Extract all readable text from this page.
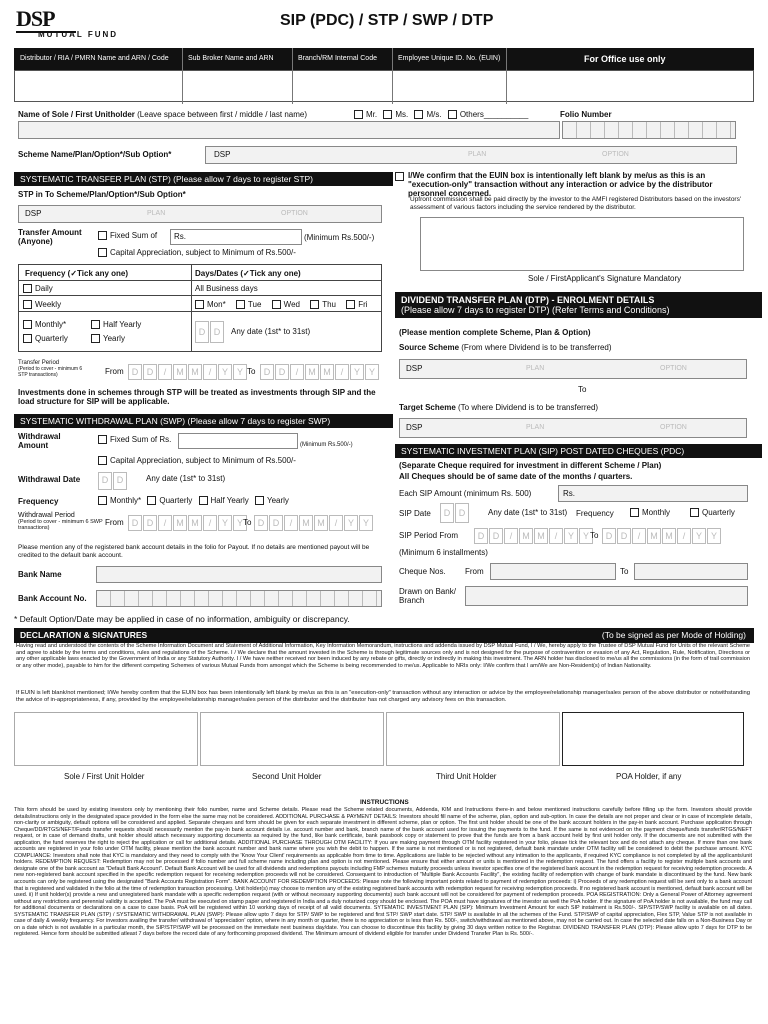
DSP
MUTUAL FUND
SIP (PDC) / STP / SWP / DTP
Distributor / RIA / PMRN Name and ARN / Code	Sub Broker Name and ARN	Branch/RM Internal Code	Employee Unique ID. No. (EUIN)	For Office use only
Name of Sole / First Unitholder (Leave space between first / middle / last name)	Mr. Ms. M/s. Others__________	Folio Number
Scheme Name/Plan/Option*/Sub Option*	DSP	PLAN	OPTION
SYSTEMATIC TRANSFER PLAN (STP) (Please allow 7 days to register STP)
STP in To Scheme/Plan/Option*/Sub Option*
DSP	PLAN	OPTION
Transfer Amount (Anyone)
Fixed Sum of Rs.	(Minimum Rs.500/-)
Capital Appreciation, subject to Minimum of Rs.500/-
Frequency (✓Tick any one)	Days/Dates (✓Tick any one)
Daily	All Business days
Weekly	Mon*	Tue	Wed	Thu	Fri
Monthly*	Half Yearly
Quarterly	Yearly
D D	Any date (1st* to 31st)
Transfer Period
(Period to cover - minimum 6 STP transactions)	From D D / M M / Y Y To D D / M M / Y Y
Investments done in schemes through STP will be treated as investments through SIP and the load structure for SIP will be applicable.
SYSTEMATIC WITHDRAWAL PLAN (SWP) (Please allow 7 days to register SWP)
Withdrawal Amount
Fixed Sum of Rs.
(Minimum Rs.500/-)
Capital Appreciation, subject to Minimum of Rs.500/-
Withdrawal Date	D D	Any date (1st* to 31st)
Frequency	Monthly* Quarterly Half Yearly Yearly
Withdrawal Period
(Period to cover - minimum 6 SWP transactions)
From D D / M M / Y Y To D D / M M / Y Y
Please mention any of the registered bank account details in the folio for Payout. If no details are mentioned payout will be credited to the default bank account.
Bank Name
Bank Account No.
* Default Option/Date may be applied in case of no information, ambiguity or discrepancy.
I/We confirm that the EUIN box is intentionally left blank by me/us as this is an "execution-only" transaction without any interaction or advice by the distributor personnel concerned.
Upfront commission shall be paid directly by the investor to the AMFI registered Distributors based on the investors' assessment of various factors including the service rendered by the distributor.
Sole / FirstApplicant's Signature Mandatory
DIVIDEND TRANSFER PLAN (DTP) - ENROLMENT DETAILS
(Please allow 7 days to register DTP) (Refer Terms and Conditions)
(Please mention complete Scheme, Plan & Option)
Source Scheme (From where Dividend is to be transferred)
DSP	PLAN	OPTION
To
Target Scheme (To where Dividend is to be transferred)
DSP	PLAN	OPTION
SYSTEMATIC INVESTMENT PLAN (SIP) POST DATED CHEQUES (PDC)
(Separate Cheque required for investment in different Scheme / Plan)
All Cheques should be of same date of the months / quarters.
Each SIP Amount (minimum Rs. 500)	Rs.
SIP Date	D D	Any date (1st* to 31st) Frequency	Monthly	Quarterly
SIP Period From	D D / M M / Y Y To D D / M M / Y Y
(Minimum 6 installments)
Cheque Nos. From	To
Drawn on Bank/ Branch
DECLARATION & SIGNATURES	(To be signed as per Mode of Holding)
Having read and understood the contents of the Scheme Information Document and Statement of Additional Information, Key Information Memorandum, instructions and addenda issued by DSP Mutual Fund, I / We, hereby apply to the Trustee of DSP Mutual Fund for Units of the relevant Scheme and agree to abide by the terms and conditions, rules and regulations of the Scheme. I / We declare that the amount invested in the Scheme is through legitimate sources only and is not designed for the purpose of contravention or evasion of any Act, Regulation, Rule, Notification, Directions or any other applicable laws enacted by the Government of India or any Statutory Authority. I / We have neither received nor been induced by any rebate or gifts, directly or indirectly in making this investment. The ARN holder has disclosed to me/us all the commissions (in the form of trail commission or any other mode), payable to him for the different competing Schemes of various Mutual Funds from amongst which the Scheme is being recommended to me/us. Applicable to NRIs only: I/We confirm that I am/We are Non-Resident(s) of Indian Nationality.
If EUIN is left blank/not mentioned; I/We hereby confirm that the EUIN box has been intentionally left blank by me/us as this is an "execution-only" transaction without any interaction or advice by the employee/relationship manager/sales person of the above distributor or notwithstanding the advice of in-appropriateness, if any, provided by the employee/relationship manager/sales person of the distributor and the distributor has not charged any advisory fees on this transaction.
Sole / First Unit Holder	Second Unit Holder	Third Unit Holder	POA Holder, if any
INSTRUCTIONS
This form should be used by existing investors only by mentioning their folio number, name and Scheme details. Please read the Scheme related documents, Addenda, KIM and Instructions there-in and below mentioned instructions carefully before filling up the form. Investors should provide details/instructions only in the designated space provided in the form else the same may not be considered. ADDITIONAL PURCHASE & PAYMENT DETAILS: Investors should fill name of the scheme, plan, option and sub-option. In case the details are not proper and clear or in case of incomplete details, non-clarity or ambiguity, default options will be considered and applied. Separate cheques and form should be given for each separate investment in different scheme, plan or option. The first unit holder should be one of the bank account holders in the pay-in bank account. Purchase application through Cheque/DD/RTGS/NEFT/Funds transfer requests should necessarily mention the pay-in bank account details i.e. account number and bank, branch name of the bank account used for issuing the payments to the fund. If the same is not evidenced on the payment cheque/funds transfer/RTGS/NEFT request, or in case of demand drafts, unit holder should attach necessary supporting documents as required by the fund, like bank certificate, bank passbook copy or statement to prove that the funds are from a bank account held by first unit holder only. If the documents are not submitted with the application, the fund reserves the right to reject the application or call for additional details. ADDITIONAL PURCHASE THROUGH OTM FACILITY: If you are making payment through OTM facility registered in your folio, please tick the relevant box and do not attach any cheque. If more than one bank accounts are registered in your folio under OTM facility, please mention the bank account number and bank name where you wish the debit to happen. If the same is not mentioned or is not registered, default bank mandate under OTM facility will be considered to debit the purchase amount. KYC COMPLIANCE: Investors shall note that KYC is mandatory and they need to comply with the 'Know Your Client' requirements as applicable from time to time. Applications are liable to be rejected without any intimation to the applicants, if required KYC compliance is not completed by all the applicants/unit holders. REDEMPTION REQUEST: Redemption may not be processed if folio number and full scheme name including plan and option is not mentioned. Please ensure that either amount or units is mentioned in the redemption request. The fund offers a facility to register multiple bank accounts and designate one of the bank account as "Default Bank Account". Default Bank Account will be used for all dividends and redemptions payouts including FMP schemes maturity proceeds unless investor specifies one of the registered bank account in the redemption request for receiving redemption proceeds. A new non-registered bank account specified in the specific redemption request for receiving redemption proceeds will not be considered. Consequent to introduction of "Multiple Bank Accounts Facility", the existing facility of redemption with change of bank mandate is discontinued by the fund. New bank accounts can only be registered using the designated "Bank Accounts Registration Form". BANK ACCOUNT FOR REDEMPTION PROCEEDS: Please note the following important points related to payment of redemption proceeds: i) Proceeds of any redemption request will be sent only to a bank account that is registered and validated in the folio at the time of redemption transaction processing. Unit holder(s) may choose to mention any of the existing registered bank accounts with redemption request for receiving redemption proceeds. If no registered bank account is mentioned, default bank account will be used. ii) If unit holder(s) provide a new and unregistered bank mandate with a specific redemption request (with or without necessary supporting documents) such bank account will not be considered for payment of redemption proceeds. POA REGISTRATION: Only a General Power of Attorney agreement without any restrictions and perennial validity is accepted. The PoA must be executed on stamp paper and registered in India and a duly notarized copy should be enclosed. The POA must have signatures of the investor as well the PoA holder. If the signature of PoA holder is not available, the fund may call for additional documents or declarations on a case to case basis. PoA will be registered within 10 working days of receipt of all valid documents. SYTEMATIC INVESTMENT PLAN (SIP): Minimum Investment Amount for each SIP instalment is Rs.500/-. SIP/STP/SWP facility is available on all dates. SYSTEMATIC TRANSFER PLAN (STP) / SYSTEMATIC WITHDRAWAL PLAN (SWP): Please allow upto 7 days for STP/ SWP to be registered and first STP/ SWP start date. STP/ SWP is available in all the schemes of the Fund. STP/SWP of capital appreciation, Flex STP, Value STP is not available in case of daily & weekly frequency. For investors availing the transfer/ withdrawal of 'appreciation' option, where in any month or quarter, there is no appreciation or is less than Rs. 500/-, switch/withdrawal as mentioned above, may not be carried out. In case the selected date falls on a Non-Business Day or on a date which is not available in a particular month, the SIP/STP/SWP will be processed on the immediate next business day/date. You can choose to discontinue this facility by giving 30 days written notice to the Registrar. DIVIDEND TRANSFER PLAN (DTP): Please allow upto 7 days for DTP to be registered. Hence form should be submitted atleast 7 days before the record date of any forthcoming proposed dividend. The Minimum amount of dividend eligible for transfer under Dividend Transfer Plan is Rs. 500/-.
